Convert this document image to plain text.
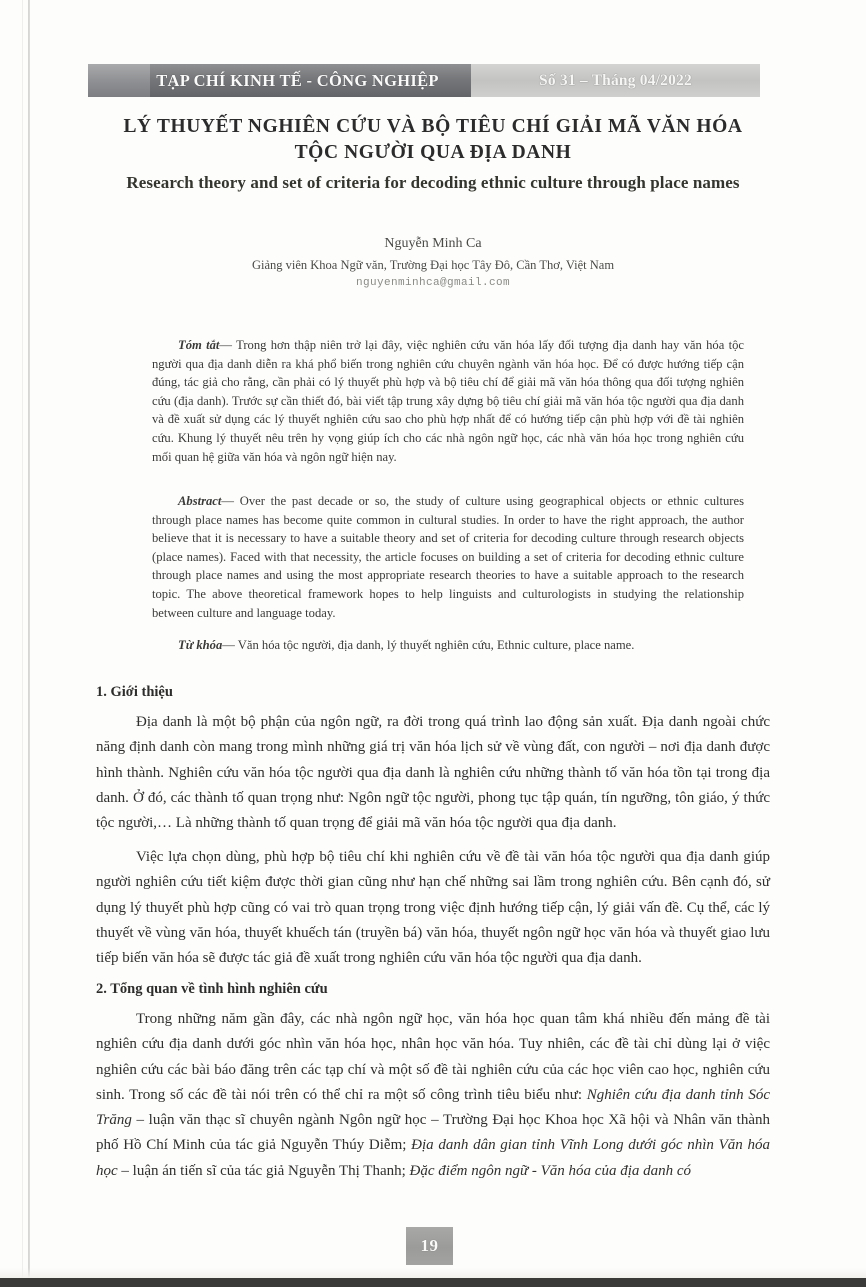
TẠP CHÍ KINH TẾ - CÔNG NGHIỆP	Số 31 – Tháng 04/2022
LÝ THUYẾT NGHIÊN CỨU VÀ BỘ TIÊU CHÍ GIẢI MÃ VĂN HÓA TỘC NGƯỜI QUA ĐỊA DANH
Research theory and set of criteria for decoding ethnic culture through place names
Nguyễn Minh Ca
Giảng viên Khoa Ngữ văn, Trường Đại học Tây Đô, Cần Thơ, Việt Nam
nguyenminhca@gmail.com
Tóm tắt— Trong hơn thập niên trở lại đây, việc nghiên cứu văn hóa lấy đối tượng địa danh hay văn hóa tộc người qua địa danh diễn ra khá phổ biến trong nghiên cứu chuyên ngành văn hóa học. Để có được hướng tiếp cận đúng, tác giả cho rằng, cần phải có lý thuyết phù hợp và bộ tiêu chí để giải mã văn hóa thông qua đối tượng nghiên cứu (địa danh). Trước sự cần thiết đó, bài viết tập trung xây dựng bộ tiêu chí giải mã văn hóa tộc người qua địa danh và đề xuất sử dụng các lý thuyết nghiên cứu sao cho phù hợp nhất để có hướng tiếp cận phù hợp với đề tài nghiên cứu. Khung lý thuyết nêu trên hy vọng giúp ích cho các nhà ngôn ngữ học, các nhà văn hóa học trong nghiên cứu mối quan hệ giữa văn hóa và ngôn ngữ hiện nay.
Abstract— Over the past decade or so, the study of culture using geographical objects or ethnic cultures through place names has become quite common in cultural studies. In order to have the right approach, the author believe that it is necessary to have a suitable theory and set of criteria for decoding culture through research objects (place names). Faced with that necessity, the article focuses on building a set of criteria for decoding ethnic culture through place names and using the most appropriate research theories to have a suitable approach to the research topic. The above theoretical framework hopes to help linguists and culturologists in studying the relationship between culture and language today.
Từ khóa— Văn hóa tộc người, địa danh, lý thuyết nghiên cứu, Ethnic culture, place name.
1. Giới thiệu

Địa danh là một bộ phận của ngôn ngữ, ra đời trong quá trình lao động sản xuất. Địa danh ngoài chức năng định danh còn mang trong mình những giá trị văn hóa lịch sử về vùng đất, con người – nơi địa danh được hình thành. Nghiên cứu văn hóa tộc người qua địa danh là nghiên cứu những thành tố văn hóa tồn tại trong địa danh. Ở đó, các thành tố quan trọng như: Ngôn ngữ tộc người, phong tục tập quán, tín ngưỡng, tôn giáo, ý thức tộc người,… Là những thành tố quan trọng để giải mã văn hóa tộc người qua địa danh.

Việc lựa chọn dùng, phù hợp bộ tiêu chí khi nghiên cứu về đề tài văn hóa tộc người qua địa danh giúp người nghiên cứu tiết kiệm được thời gian cũng như hạn chế những sai lầm trong nghiên cứu. Bên cạnh đó, sử dụng lý thuyết phù hợp cũng có vai trò quan trọng trong việc định hướng tiếp cận, lý giải vấn đề. Cụ thể, các lý thuyết về vùng văn hóa, thuyết khuếch tán (truyền bá) văn hóa, thuyết ngôn ngữ học văn hóa và thuyết giao lưu tiếp biến văn hóa sẽ được tác giả đề xuất trong nghiên cứu văn hóa tộc người qua địa danh.

2. Tổng quan về tình hình nghiên cứu

Trong những năm gần đây, các nhà ngôn ngữ học, văn hóa học quan tâm khá nhiều đến mảng đề tài nghiên cứu địa danh dưới góc nhìn văn hóa học, nhân học văn hóa. Tuy nhiên, các đề tài chỉ dùng lại ở việc nghiên cứu các bài báo đăng trên các tạp chí và một số đề tài nghiên cứu của các học viên cao học, nghiên cứu sinh. Trong số các đề tài nói trên có thể chỉ ra một số công trình tiêu biểu như: Nghiên cứu địa danh tỉnh Sóc Trăng – luận văn thạc sĩ chuyên ngành Ngôn ngữ học – Trường Đại học Khoa học Xã hội và Nhân văn thành phố Hồ Chí Minh của tác giả Nguyễn Thúy Diễm; Địa danh dân gian tỉnh Vĩnh Long dưới góc nhìn Văn hóa học – luận án tiến sĩ của tác giả Nguyễn Thị Thanh; Đặc điểm ngôn ngữ - Văn hóa của địa danh có

19
